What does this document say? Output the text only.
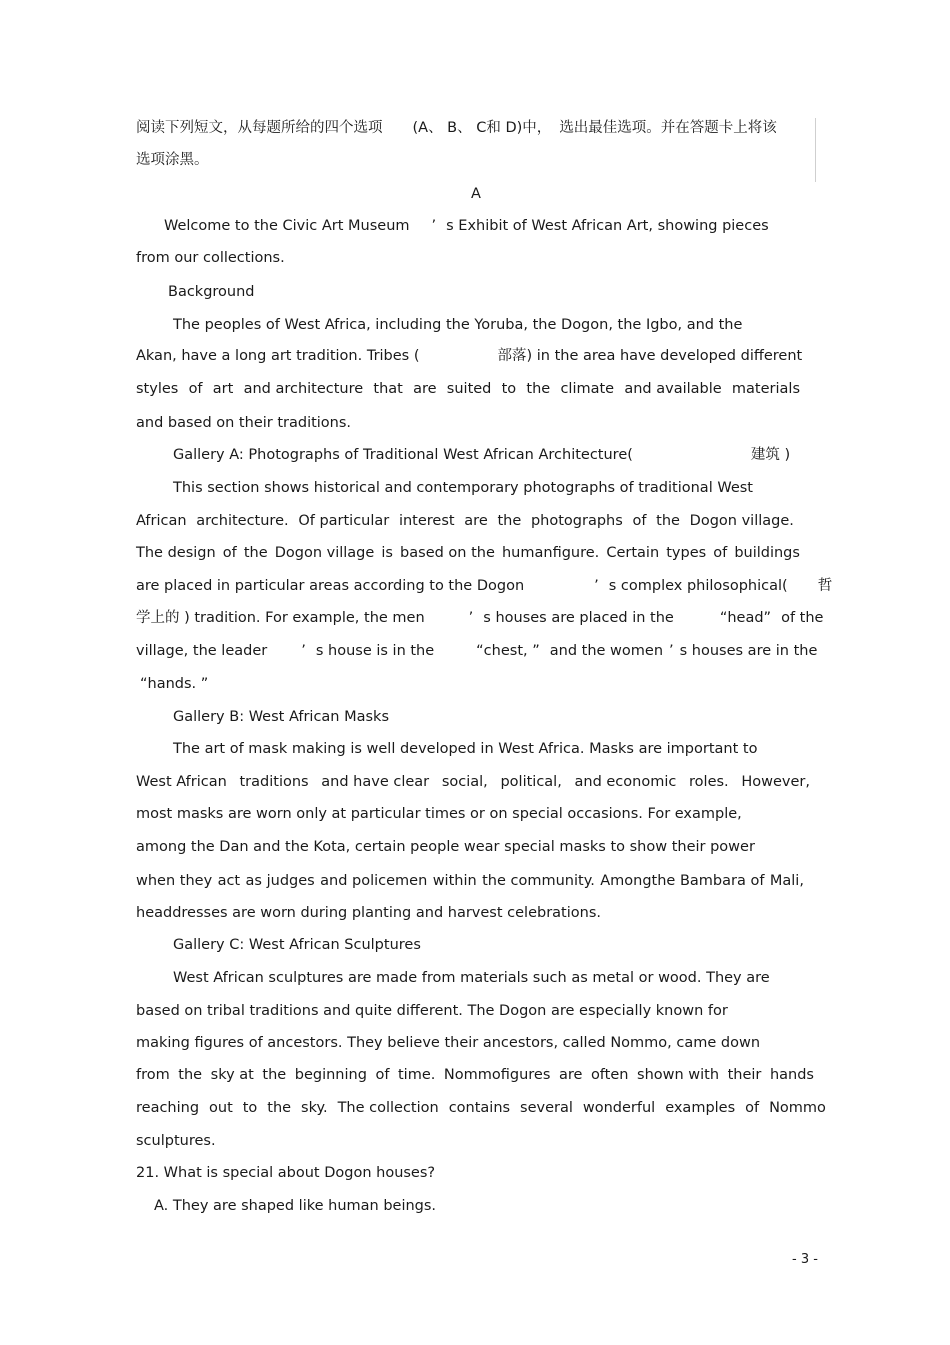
阅读下列短文，从每题所给的四个选项 (A、 B、 C和 D)中， 选出最佳选项。并在答题卡上将该
选项涂黑。
A
Welcome to the Civic Art Museum ’ s Exhibit of West African Art, showing pieces
from our collections.
Background
The peoples of West Africa, including the Yoruba, the Dogon, the Igbo, and the
Akan, have a long art tradition. Tribes (	部落) in the area have developed different
styles of art and architecture that are suited to the climate and available materials
and based on their traditions.
Gallery A: Photographs of Traditional West African Architecture(	建筑 )
This section shows historical and contemporary photographs of traditional West
African architecture. Of particular interest are the photographs of the Dogon village.
The design of the Dogon village is based on the humanfigure. Certain types of buildings
are placed in particular areas according to the Dogon	’ s complex philosophical( 哲
学上的 ) tradition. For example, the men	’ s houses are placed in the	“head” of the
village, the leader ’ s house is in the	“chest, ” and the women ’ s houses are in the
“hands. ”
Gallery B: West African Masks
The art of mask making is well developed in West Africa. Masks are important to
West African traditions and have clear social, political, and economic roles. However,
most masks are worn only at particular times or on special occasions. For example,
among the Dan and the Kota, certain people wear special masks to show their power
when they act as judges and policemen within the community. Amongthe Bambara of Mali,
headdresses are worn during planting and harvest celebrations.
Gallery C: West African Sculptures
West African sculptures are made from materials such as metal or wood. They are
based on tribal traditions and quite different. The Dogon are especially known for
making figures of ancestors. They believe their ancestors, called Nommo, came down
from the sky at the beginning of time. Nommofigures are often shown with their hands
reaching out to the sky. The collection contains several wonderful examples of Nommo
sculptures.
21. What is special about Dogon houses?
A. They are shaped like human beings.
- 3 -
